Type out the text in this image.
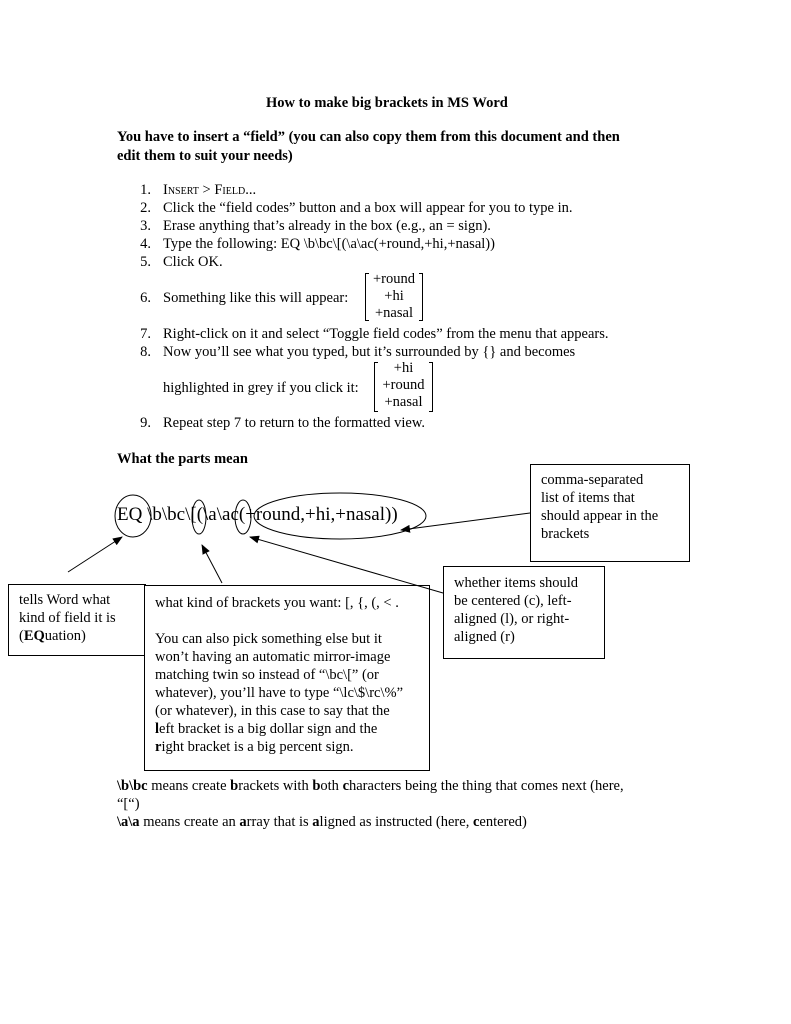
How to make big brackets in MS Word
You have to insert a “field” (you can also copy them from this document and then
edit them to suit your needs)
1. Insert > Field...
2. Click the “field codes” button and a box will appear for you to type in.
3. Erase anything that’s already in the box (e.g., an = sign).
4. Type the following: EQ \b\bc\[(\a\ac(+round,+hi,+nasal))
5. Click OK.
6. Something like this will appear:
+round
+hi
+nasal
7. Right-click on it and select “Toggle field codes” from the menu that appears.
8. Now you’ll see what you typed, but it’s surrounded by {} and becomes
highlighted in grey if you click it:
+hi
+round
+nasal
9. Repeat step 7 to return to the formatted view.
What the parts mean
EQ \b\bc\[(\a\ac(+round,+hi,+nasal))
comma-separated
list of items that
should appear in the
brackets
tells Word what
kind of field it is
(EQuation)
what kind of brackets you want: [, {, (, < .
You can also pick something else but it
won’t having an automatic mirror-image
matching twin so instead of “\bc\[” (or
whatever), you’ll have to type “\lc\$\rc\%”
(or whatever), in this case to say that the
left bracket is a big dollar sign and the
right bracket is a big percent sign.
whether items should
be centered (c), left-
aligned (l), or right-
aligned (r)
\b\bc means create brackets with both characters being the thing that comes next (here,
“[“)
\a\a means create an array that is aligned as instructed (here, centered)
